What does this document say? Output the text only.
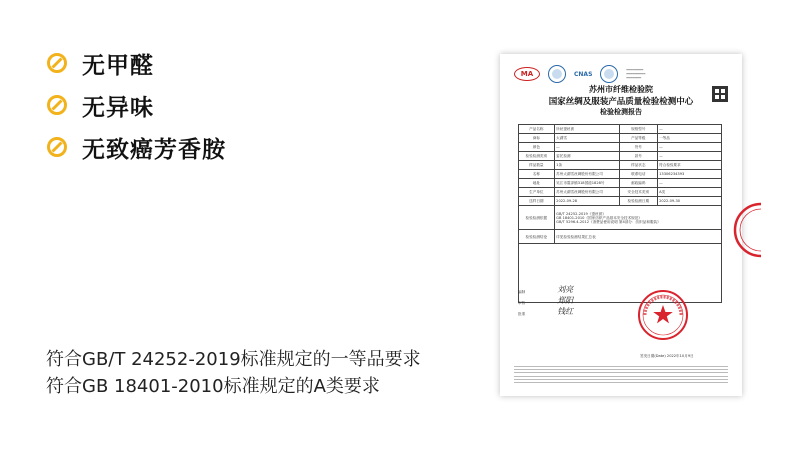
无甲醛
无异味
无致癌芳香胺
符合GB/T 24252-2019标准规定的一等品要求
符合GB 18401-2010标准规定的A类要求
MA	CNAS
━━━━━━━━
━━━━━━━━━
━━━━━━━
苏州市纤维检验院
国家丝绸及服装产品质量检验检测中心
检验检测报告
产品名称	所丝蚕丝被	规格型号	—
商标	太湖雪	产品等级	一等品
颜色	—	货号	—
检验检测类别	委托检测	款号	—
样品数量	1条	样品状态	符合检验要求
名称	苏州太湖雪丝绸股份有限公司	联系电话	13306234393
地址	吴江市震泽镇318国道1828号	邮政编码	—
生产单位	苏州太湖雪丝绸股份有限公司	安全技术类别	A类
送样日期	2022-09-28	检验检测日期	2022-09-30
检验检测依据
GB/T 24252-2019《蚕丝被》
GB 18401-2010《国家纺织产品基本安全技术规范》
GB/T 5296.4-2012《消费品使用说明 第4部分：纺织品和服装》
检验检测结论	详见检验检测结果汇总表
编制	刘亮
审核	郑阳
批准	钱红
签发日期(Date) 2022年10月9日
